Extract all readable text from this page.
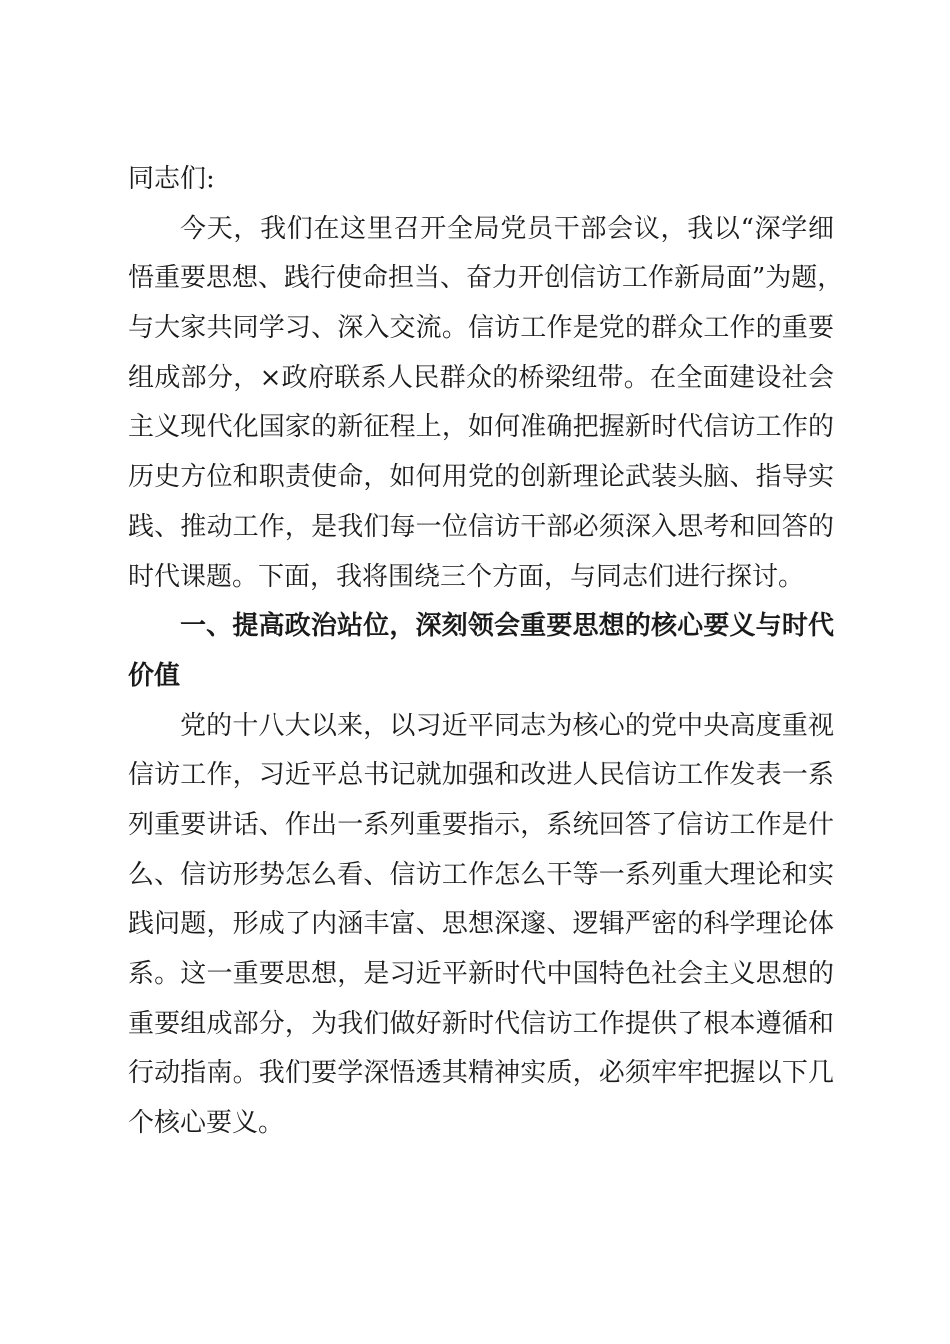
同志们:
今天，我们在这里召开全局党员干部会议，我以“深学细
悟重要思想、践行使命担当、奋力开创信访工作新局面”为题，
与大家共同学习、深入交流。信访工作是党的群众工作的重要
组成部分，×政府联系人民群众的桥梁纽带。在全面建设社会
主义现代化国家的新征程上，如何准确把握新时代信访工作的
历史方位和职责使命，如何用党的创新理论武装头脑、指导实
践、推动工作，是我们每一位信访干部必须深入思考和回答的
时代课题。下面，我将围绕三个方面，与同志们进行探讨。
一、提高政治站位，深刻领会重要思想的核心要义与时代
价值
党的十八大以来，以习近平同志为核心的党中央高度重视
信访工作，习近平总书记就加强和改进人民信访工作发表一系
列重要讲话、作出一系列重要指示，系统回答了信访工作是什
么、信访形势怎么看、信访工作怎么干等一系列重大理论和实
践问题，形成了内涵丰富、思想深邃、逻辑严密的科学理论体
系。这一重要思想，是习近平新时代中国特色社会主义思想的
重要组成部分，为我们做好新时代信访工作提供了根本遵循和
行动指南。我们要学深悟透其精神实质，必须牢牢把握以下几
个核心要义。
